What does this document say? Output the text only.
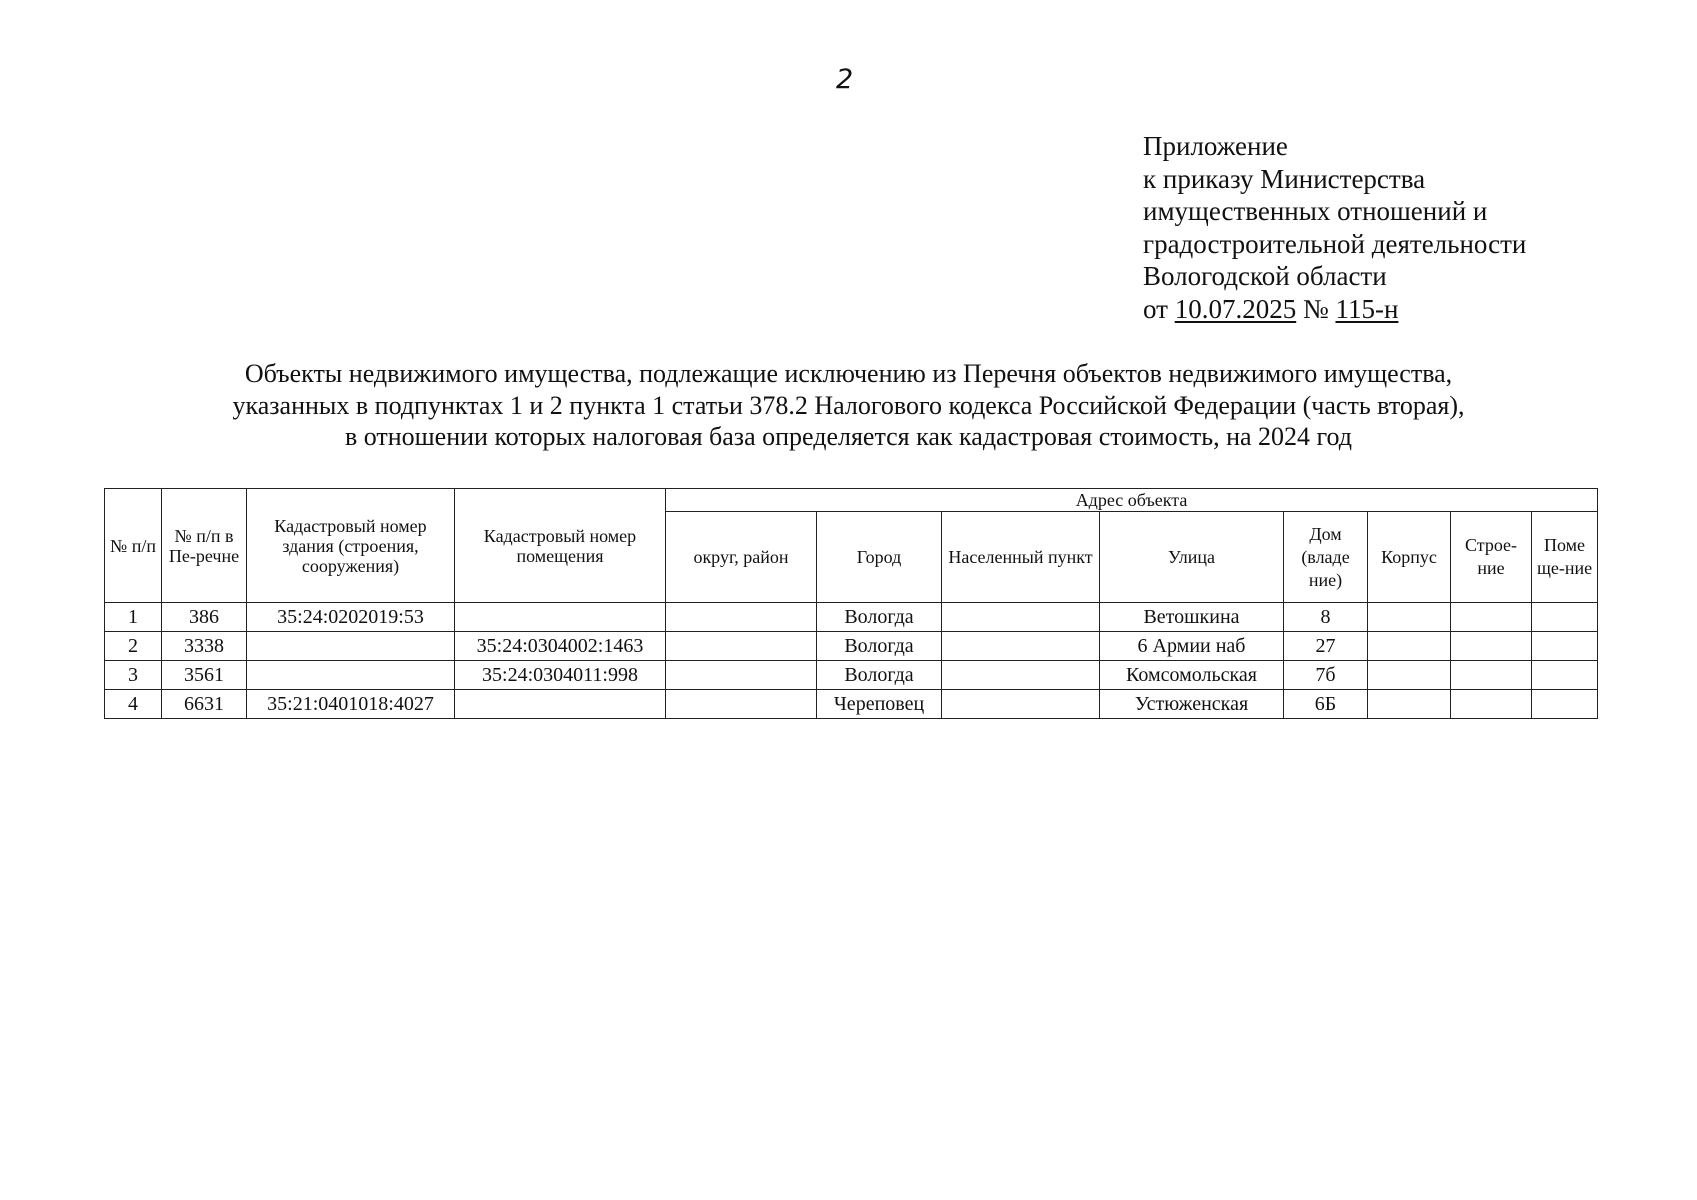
2
Приложение
к приказу Министерства
имущественных отношений и
градостроительной деятельности
Вологодской области
от 10.07.2025 № 115-н
Объекты недвижимого имущества, подлежащие исключению из Перечня объектов недвижимого имущества,
указанных в подпунктах 1 и 2 пункта 1 статьи 378.2 Налогового кодекса Российской Федерации (часть вторая),
в отношении которых налоговая база определяется как кадастровая стоимость, на 2024 год
№ п/п	№ п/п в Пе-речне	Кадастровый номер здания (строения, сооружения)	Кадастровый номер помещения	Адрес объекта							
				округ, район	Город	Населенный пункт	Улица	Дом (владе ние)	Корпус	Строе-ние	Поме ще-ние
1	386	35:24:0202019:53			Вологда		Ветошкина	8			
2	3338		35:24:0304002:1463		Вологда		6 Армии наб	27			
3	3561		35:24:0304011:998		Вологда		Комсомольская	7б			
4	6631	35:21:0401018:4027			Череповец		Устюженская	6Б			
